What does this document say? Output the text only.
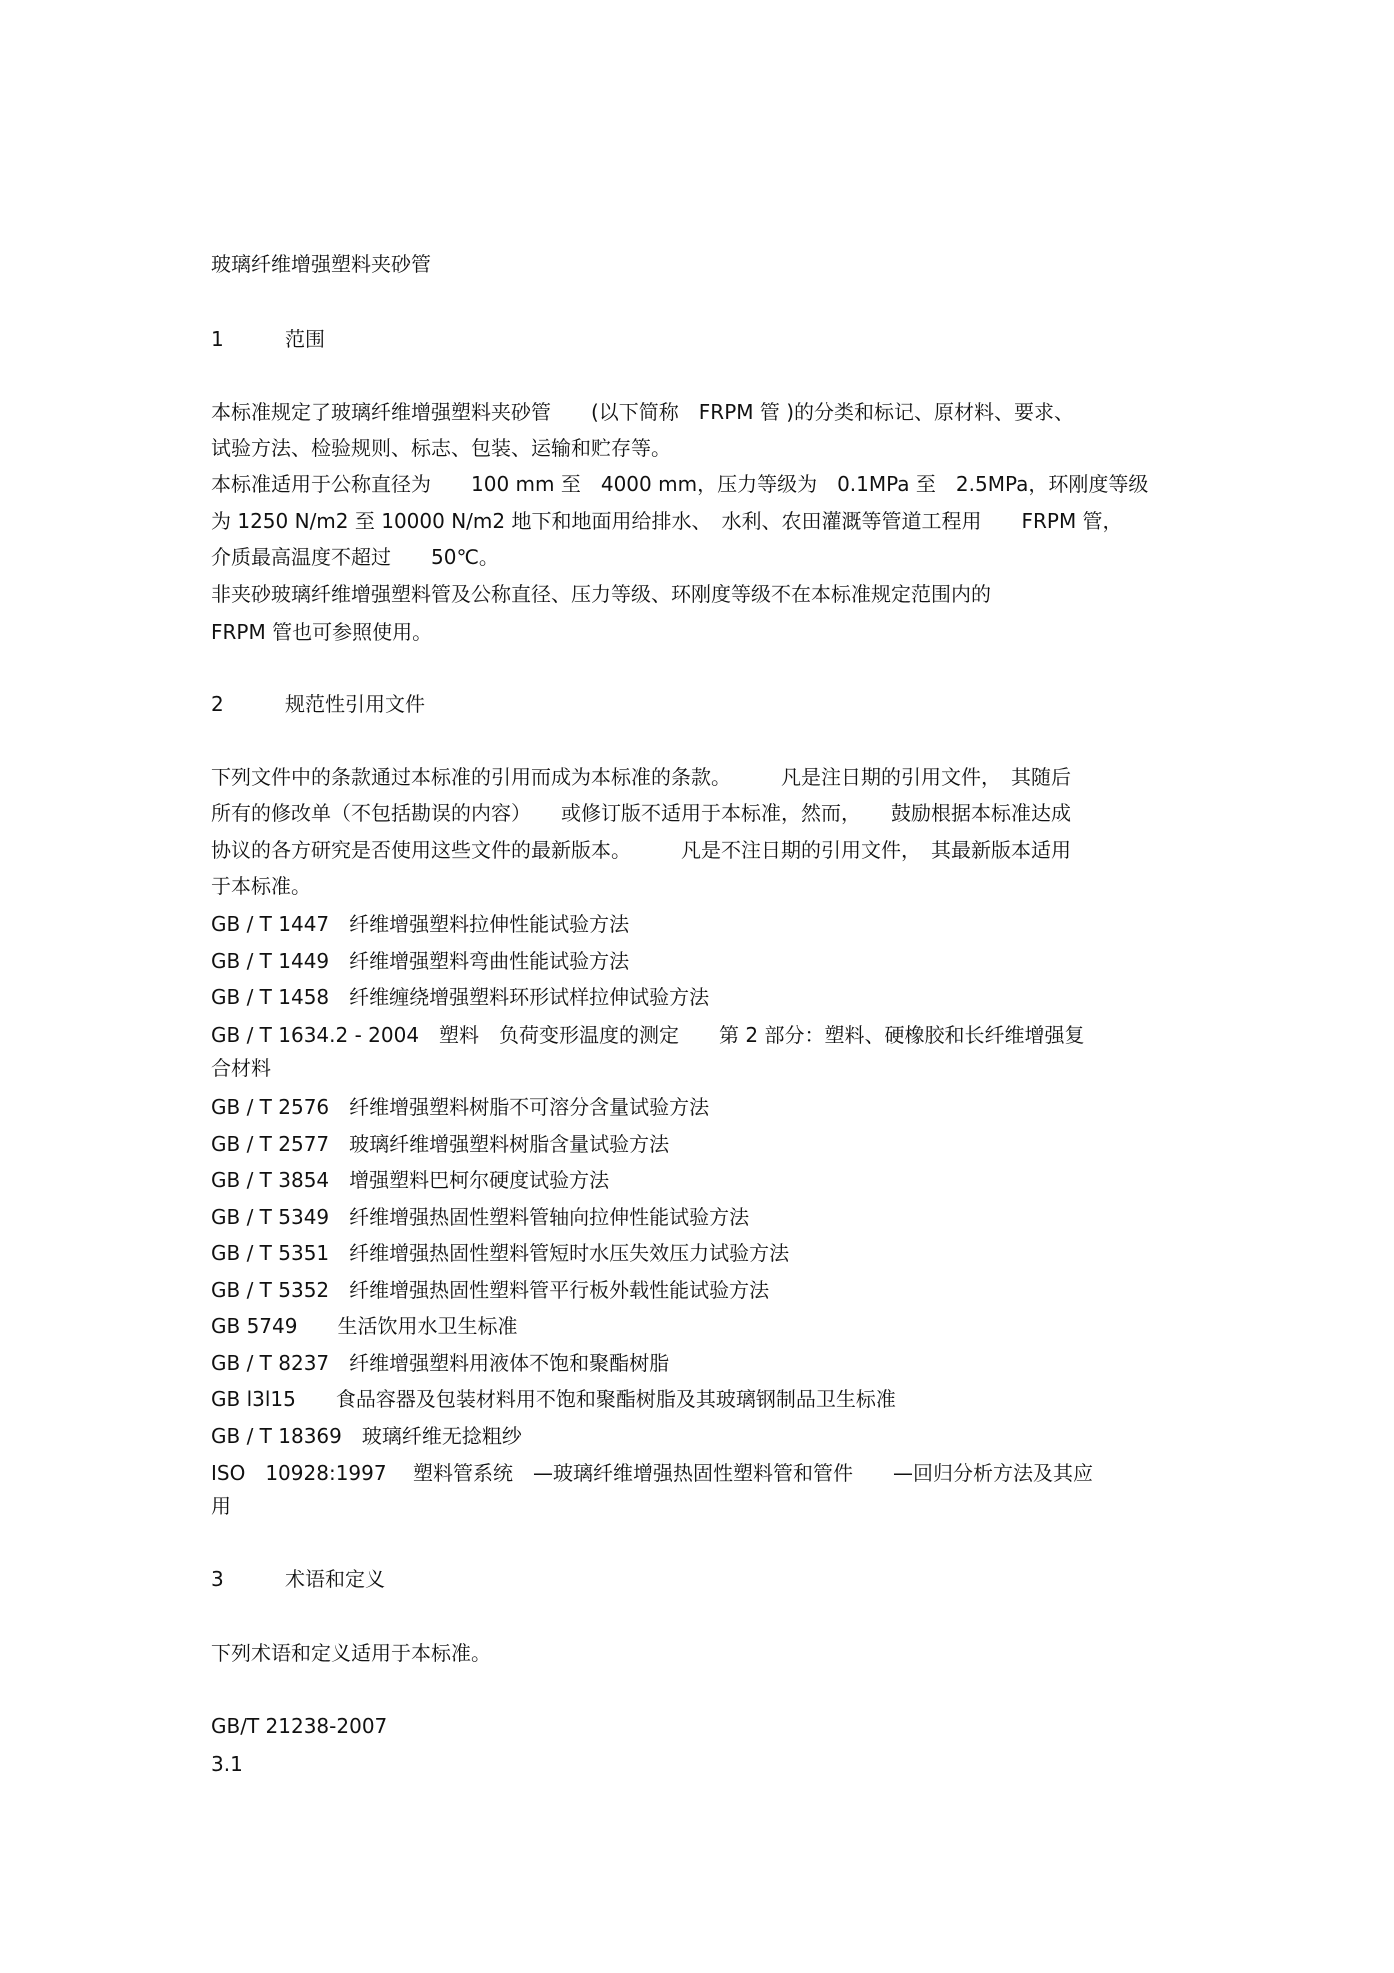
玻璃纤维增强塑料夹砂管
1	范围
本标准规定了玻璃纤维增强塑料夹砂管　　(以下简称　FRPM 管 )的分类和标记、原材料、要求、
试验方法、检验规则、标志、包装、运输和贮存等。
本标准适用于公称直径为　　100 mm 至　4000 mm，压力等级为　0.1MPa 至　2.5MPa，环刚度等级
为 1250 N/m2 至 10000 N/m2 地下和地面用给排水、　水利、农田灌溉等管道工程用　　FRPM 管，
介质最高温度不超过　　50℃。
非夹砂玻璃纤维增强塑料管及公称直径、压力等级、环刚度等级不在本标准规定范围内的
FRPM 管也可参照使用。
2	规范性引用文件
下列文件中的条款通过本标准的引用而成为本标准的条款。　　　凡是注日期的引用文件，　其随后
所有的修改单（不包括勘误的内容）　　或修订版不适用于本标准，然而，　　鼓励根据本标准达成
协议的各方研究是否使用这些文件的最新版本。　　　凡是不注日期的引用文件，　其最新版本适用
于本标准。
GB / T 1447　纤维增强塑料拉伸性能试验方法
GB / T 1449　纤维增强塑料弯曲性能试验方法
GB / T 1458　纤维缠绕增强塑料环形试样拉伸试验方法
GB / T 1634.2 - 2004　塑料　负荷变形温度的测定　　第 2 部分：塑料、硬橡胶和长纤维增强复
合材料
GB / T 2576　纤维增强塑料树脂不可溶分含量试验方法
GB / T 2577　玻璃纤维增强塑料树脂含量试验方法
GB / T 3854　增强塑料巴柯尔硬度试验方法
GB / T 5349　纤维增强热固性塑料管轴向拉伸性能试验方法
GB / T 5351　纤维增强热固性塑料管短时水压失效压力试验方法
GB / T 5352　纤维增强热固性塑料管平行板外载性能试验方法
GB 5749　　生活饮用水卫生标准
GB / T 8237　纤维增强塑料用液体不饱和聚酯树脂
GB l3l15　　食品容器及包装材料用不饱和聚酯树脂及其玻璃钢制品卫生标准
GB / T 18369　玻璃纤维无捻粗纱
ISO　10928:1997　 塑料管系统　—玻璃纤维增强热固性塑料管和管件　　—回归分析方法及其应
用
3	术语和定义
下列术语和定义适用于本标准。
GB/T 21238-2007
3.1
